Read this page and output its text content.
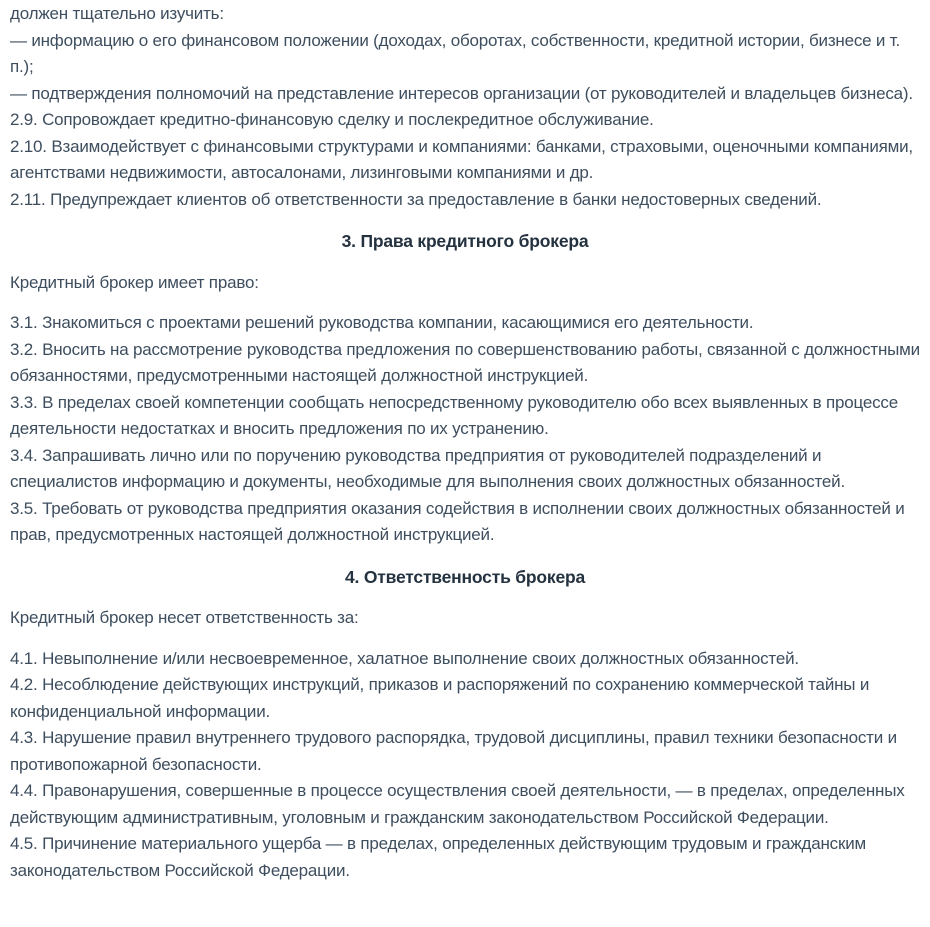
должен тщательно изучить:

— информацию о его финансовом положении (доходах, оборотах, собственности, кредитной истории, бизнесе и т. п.);

— подтверждения полномочий на представление интересов организации (от руководителей и владельцев бизнеса).

2.9. Сопровождает кредитно-финансовую сделку и послекредитное обслуживание.

2.10. Взаимодействует с финансовыми структурами и компаниями: банками, страховыми, оценочными компаниями, агентствами недвижимости, автосалонами, лизинговыми компаниями и др.

2.11. Предупреждает клиентов об ответственности за предоставление в банки недостоверных сведений.

3. Права кредитного брокера

Кредитный брокер имеет право:

3.1. Знакомиться с проектами решений руководства компании, касающимися его деятельности.

3.2. Вносить на рассмотрение руководства предложения по совершенствованию работы, связанной с должностными обязанностями, предусмотренными настоящей должностной инструкцией.

3.3. В пределах своей компетенции сообщать непосредственному руководителю обо всех выявленных в процессе деятельности недостатках и вносить предложения по их устранению.

3.4. Запрашивать лично или по поручению руководства предприятия от руководителей подразделений и специалистов информацию и документы, необходимые для выполнения своих должностных обязанностей.

3.5. Требовать от руководства предприятия оказания содействия в исполнении своих должностных обязанностей и прав, предусмотренных настоящей должностной инструкцией.

4. Ответственность брокера

Кредитный брокер несет ответственность за:

4.1. Невыполнение и/или несвоевременное, халатное выполнение своих должностных обязанностей.

4.2. Несоблюдение действующих инструкций, приказов и распоряжений по сохранению коммерческой тайны и конфиденциальной информации.

4.3. Нарушение правил внутреннего трудового распорядка, трудовой дисциплины, правил техники безопасности и противопожарной безопасности.

4.4. Правонарушения, совершенные в процессе осуществления своей деятельности, — в пределах, определенных действующим административным, уголовным и гражданским законодательством Российской Федерации.

4.5. Причинение материального ущерба — в пределах, определенных действующим трудовым и гражданским законодательством Российской Федерации.
